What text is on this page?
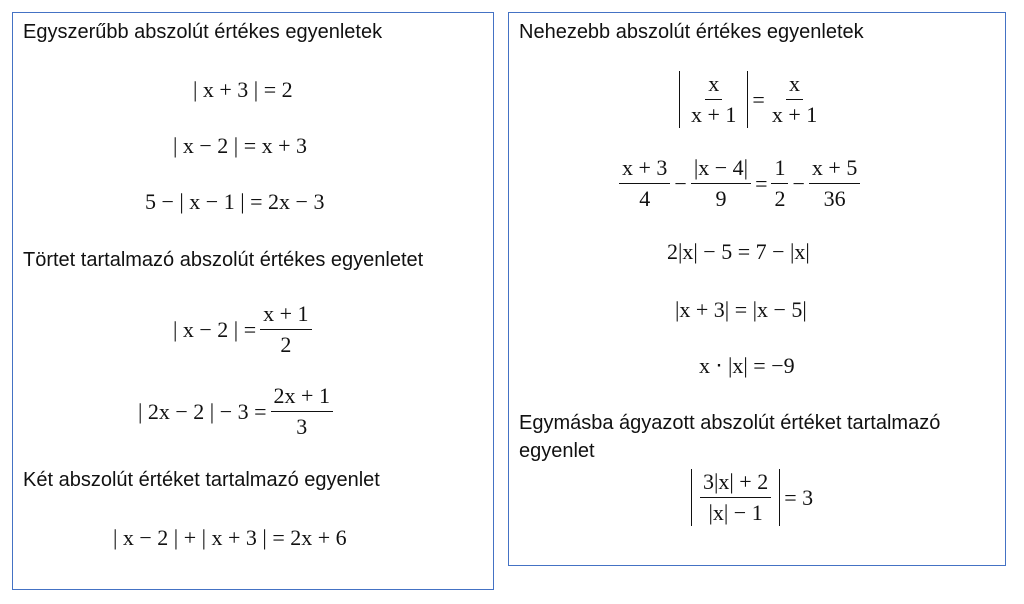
Egyszerűbb abszolút értékes egyenletek
| x + 3 | = 2
| x − 2 | = x + 3
5 − | x − 1 | = 2x − 3
Törtet tartalmazó abszolút értékes egyenletet
| x − 2 | = $\frac{x + 1}{2}$
| 2x − 2 | − $3 = \frac{2x + 1}{3}$
Két abszolút értéket tartalmazó egyenlet
| x − 2 | + | x + 3 | = 2x + 6
Nehezebb abszolút értékes egyenletek
$\frac{x}{x + 1} = \frac{x}{x + 1}$
$\frac{x + 3}{4} - \frac{|x - 4|}{9} = \frac{1}{2} - \frac{x + 5}{36}$
2|x| − 5 = 7 − |x|
|x + 3| = |x − 5|
x ⋅ |x| = −9
Egymásba ágyazott abszolút értéket tartalmazó
egyenlet
$\frac{3|x| + 2}{|x| - 1} = 3$
